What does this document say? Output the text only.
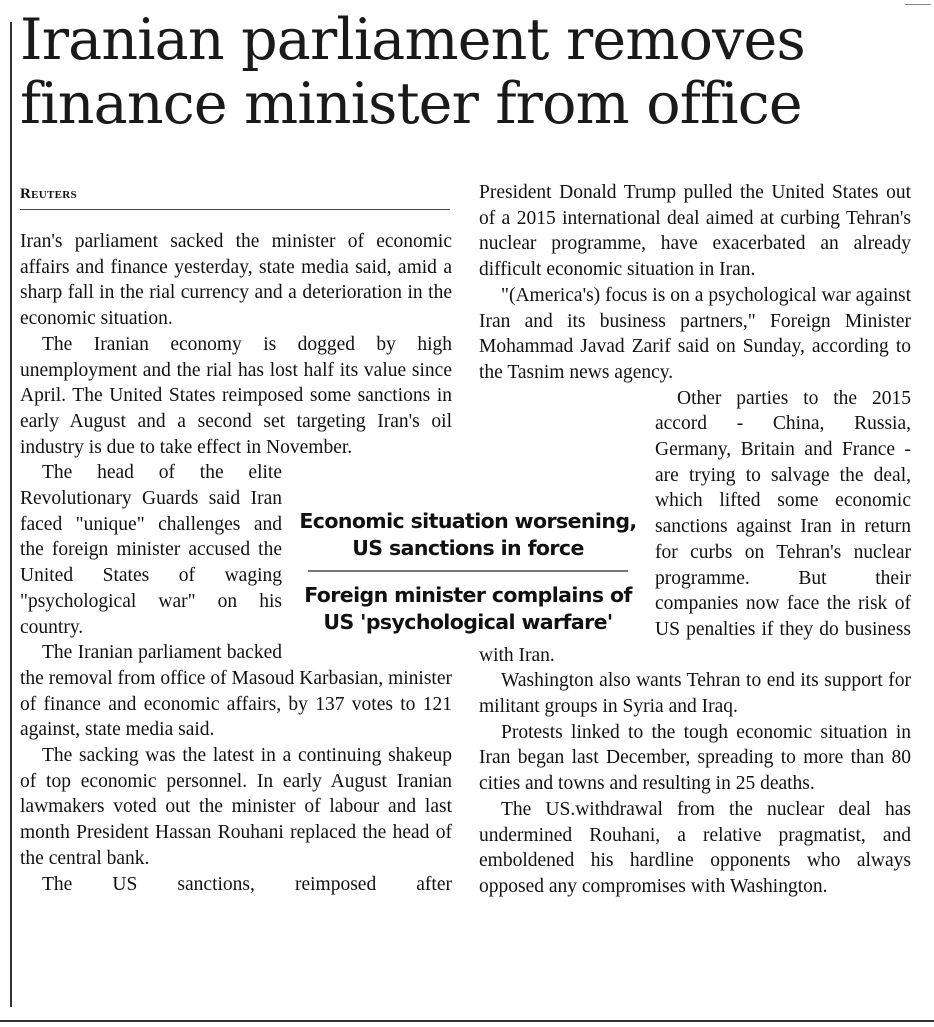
Iranian parliament removes finance minister from office
Reuters

Iran's parliament sacked the minister of economic affairs and finance yesterday, state media said, amid a sharp fall in the rial currency and a deterioration in the economic situation.

The Iranian economy is dogged by high unemployment and the rial has lost half its value since April. The United States reimposed some sanctions in early August and a second set targeting Iran's oil industry is due to take effect in November.

The head of the elite Revolutionary Guards said Iran faced "unique" challenges and the foreign minister accused the United States of waging "psychological war" on his country.

The Iranian parliament backed the removal from office of Masoud Karbasian, minister of finance and economic affairs, by 137 votes to 121 against, state media said.

The sacking was the latest in a continuing shakeup of top economic personnel. In early August Iranian lawmakers voted out the minister of labour and last month President Hassan Rouhani replaced the head of the central bank.

The US sanctions, reimposed after

President Donald Trump pulled the United States out of a 2015 international deal aimed at curbing Tehran's nuclear programme, have exacerbated an already difficult economic situation in Iran.

"(America's) focus is on a psychological war against Iran and its business partners," Foreign Minister Mohammad Javad Zarif said on Sunday, according to the Tasnim news agency.

Other parties to the 2015 accord - China, Russia, Germany, Britain and France - are trying to salvage the deal, which lifted some economic sanctions against Iran in return for curbs on Tehran's nuclear programme. But their companies now face the risk of US penalties if they do business with Iran.

Washington also wants Tehran to end its support for militant groups in Syria and Iraq.

Protests linked to the tough economic situation in Iran began last December, spreading to more than 80 cities and towns and resulting in 25 deaths.

The US.withdrawal from the nuclear deal has undermined Rouhani, a relative pragmatist, and emboldened his hardline opponents who always opposed any compromises with Washington.

Economic situation worsening, US sanctions in force
Foreign minister complains of US 'psychological warfare'
